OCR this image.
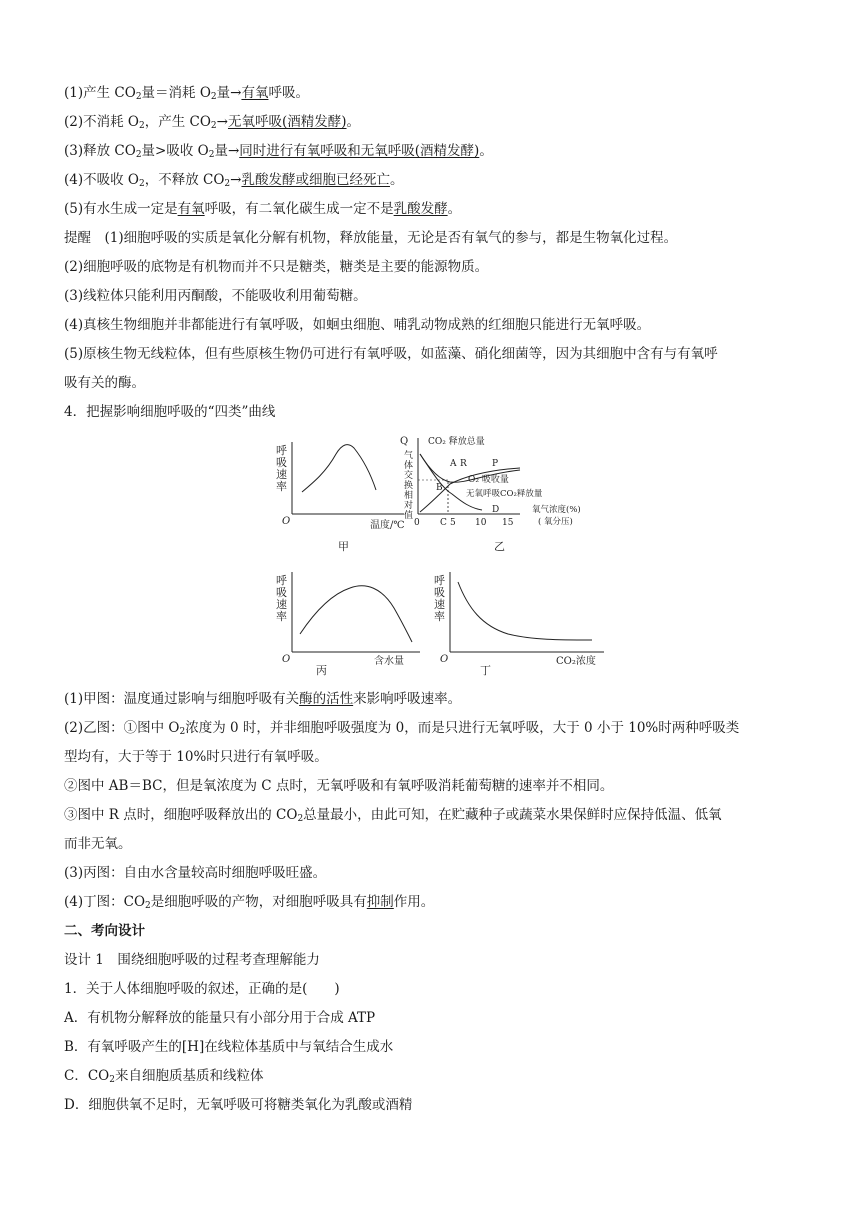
(1)产生 $CO_2$量＝消耗 $O_2$量→有氧呼吸。
(2)不消耗 $O_2$，产生 $CO_2\to$无氧呼吸(酒精发酵)。
(3)释放 $CO_2$量>吸收 $O_2$量→同时进行有氧呼吸和无氧呼吸(酒精发酵)。
(4)不吸收 $O_2$，不释放 $CO_2\to$乳酸发酵或细胞已经死亡。
(5)有水生成一定是有氧呼吸，有二氧化碳生成一定不是乳酸发酵。
提醒　(1)细胞呼吸的实质是氧化分解有机物，释放能量，无论是否有氧气的参与，都是生物氧化过程。
(2)细胞呼吸的底物是有机物而并不只是糖类，糖类是主要的能源物质。
(3)线粒体只能利用丙酮酸，不能吸收利用葡萄糖。
(4)真核生物细胞并非都能进行有氧呼吸，如蛔虫细胞、哺乳动物成熟的红细胞只能进行无氧呼吸。
(5)原核生物无线粒体，但有些原核生物仍可进行有氧呼吸，如蓝藻、硝化细菌等，因为其细胞中含有与有氧呼
吸有关的酶。
4．把握影响细胞呼吸的“四类”曲线
(1)甲图：温度通过影响与细胞呼吸有关酶的活性来影响呼吸速率。
(2)乙图：①图中 $O_2$浓度为 0 时，并非细胞呼吸强度为 0，而是只进行无氧呼吸，大于 0 小于 10%时两种呼吸类
型均有，大于等于 10%时只进行有氧呼吸。
②图中 AB＝BC，但是氧浓度为 C 点时，无氧呼吸和有氧呼吸消耗葡萄糖的速率并不相同。
③图中 R 点时，细胞呼吸释放出的 $CO_2$总量最小，由此可知，在贮藏种子或蔬菜水果保鲜时应保持低温、低氧
而非无氧。
(3)丙图：自由水含量较高时细胞呼吸旺盛。
(4)丁图：$CO_2$是细胞呼吸的产物，对细胞呼吸具有抑制作用。
二、考向设计
设计 1　围绕细胞呼吸的过程考查理解能力
1．关于人体细胞呼吸的叙述，正确的是(　　)
A．有机物分解释放的能量只有小部分用于合成 ATP
B．有氧呼吸产生的[H]在线粒体基质中与氧结合生成水
C．$CO_2$来自细胞质基质和线粒体
D．细胞供氧不足时，无氧呼吸可将糖类氧化为乳酸或酒精
呼吸速率
O	温度/℃
甲
Q
气体交换相对值
CO₂ 释放总量
A R	P
B
O₂ 吸收量
无氧呼吸CO₂释放量
D
C
0	5 10 15
氧气浓度(%)
( 氧分压)
乙
呼吸速率
O	含水量
丙
呼吸速率
O	CO₂浓度
丁
